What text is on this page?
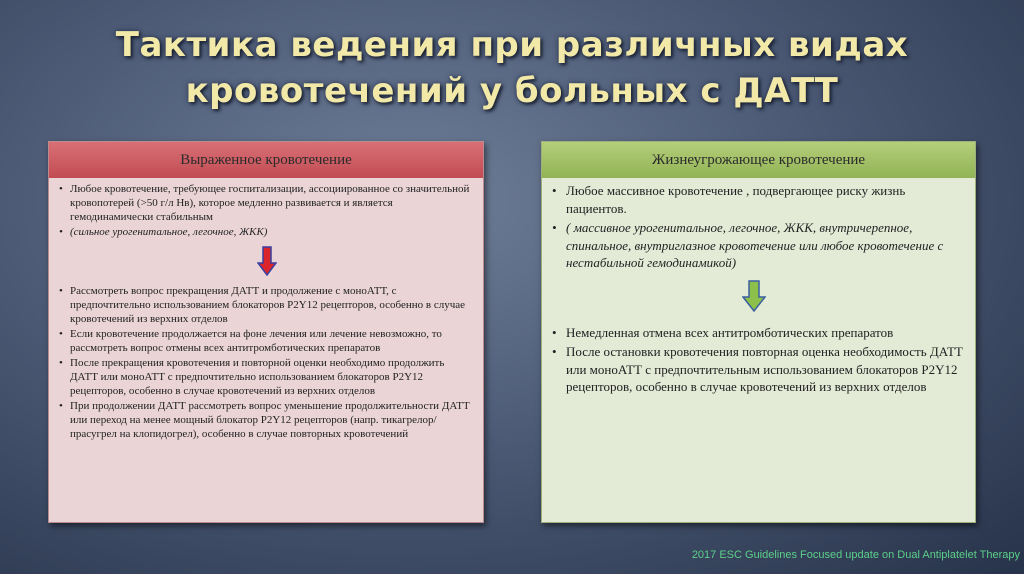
Тактика ведения при различных видах
кровотечений у больных с ДАТТ
Выраженное кровотечение
• Любое кровотечение, требующее госпитализации, ассоциированное со значительной кровопотерей (>50 г/л Нв), которое медленно развивается и является гемодинамически стабильным
• (сильное урогенитальное, легочное, ЖКК)
• Рассмотреть вопрос прекращения ДАТТ и продолжение с моноАТТ, с предпочтительно использованием блокаторов P2Y12 рецепторов, особенно в случае кровотечений из верхних отделов
• Если кровотечение продолжается на фоне лечения или лечение невозможно, то рассмотреть вопрос отмены всех антитромботических препаратов
• После прекращения кровотечения и повторной оценки необходимо продолжить ДАТТ или моноАТТ с предпочтительно использованием блокаторов P2Y12 рецепторов, особенно в случае кровотечений из верхних отделов
• При продолжении ДАТТ рассмотреть вопрос уменьшение продолжительности ДАТТ или переход на менее мощный блокатор P2Y12 рецепторов (напр. тикагрелор/прасугрел на клопидогрел), особенно в случае повторных кровотечений
Жизнеугрожающее кровотечение
• Любое массивное кровотечение , подвергающее риску жизнь пациентов.
• ( массивное урогенитальное, легочное, ЖКК, внутричерепное, спинальное, внутриглазное кровотечение или любое кровотечение с нестабильной гемодинамикой)
• Немедленная отмена всех антитромботических препаратов
• После остановки кровотечения повторная оценка необходимость ДАТТ или моноАТТ с предпочтительным использованием блокаторов P2Y12 рецепторов, особенно в случае кровотечений из верхних отделов
2017 ESC Guidelines Focused update on Dual Antiplatelet Therapy
